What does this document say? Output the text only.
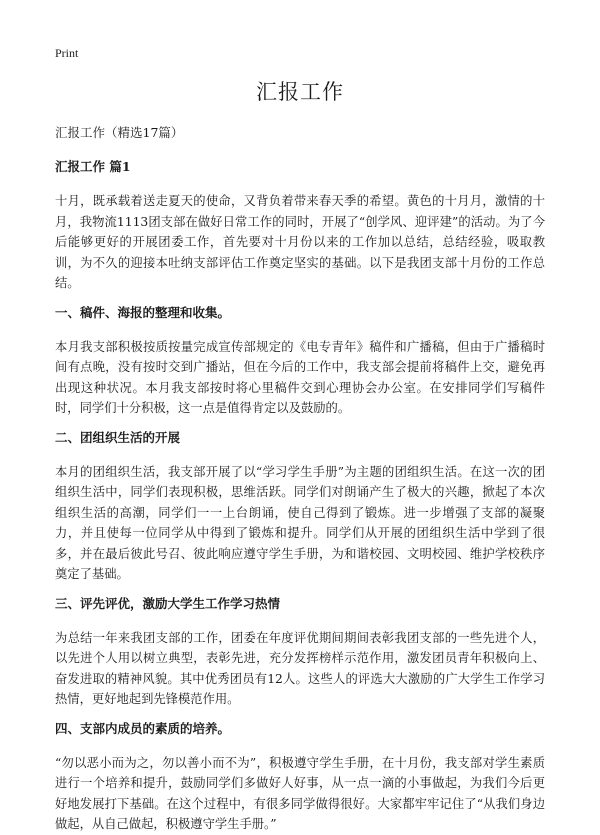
Print
汇报工作

汇报工作（精选17篇）

汇报工作 篇1

十月，既承载着送走夏天的使命，又背负着带来春天季的希望。黄色的十月月，激情的十月，我物流1113团支部在做好日常工作的同时，开展了“创学风、迎评建”的活动。为了今后能够更好的开展团委工作，首先要对十月份以来的工作加以总结，总结经验，吸取教训，为不久的迎接本吐纳支部评估工作奠定坚实的基础。以下是我团支部十月份的工作总结。

一、稿件、海报的整理和收集。

本月我支部积极按质按量完成宣传部规定的《电专青年》稿件和广播稿，但由于广播稿时间有点晚，没有按时交到广播站，但在今后的工作中，我支部会提前将稿件上交，避免再出现这种状况。本月我支部按时将心里稿件交到心理协会办公室。在安排同学们写稿件时，同学们十分积极，这一点是值得肯定以及鼓励的。

二、团组织生活的开展

本月的团组织生活，我支部开展了以“学习学生手册”为主题的团组织生活。在这一次的团组织生活中，同学们表现积极，思维活跃。同学们对朗诵产生了极大的兴趣，掀起了本次组织生活的高潮，同学们一一上台朗诵，使自己得到了锻炼。进一步增强了支部的凝聚力，并且使每一位同学从中得到了锻炼和提升。同学们从开展的团组织生活中学到了很多，并在最后彼此号召、彼此响应遵守学生手册，为和谐校园、文明校园、维护学校秩序奠定了基础。

三、评先评优，激励大学生工作学习热情

为总结一年来我团支部的工作，团委在年度评优期间期间表彰我团支部的一些先进个人，以先进个人用以树立典型，表彰先进，充分发挥榜样示范作用，激发团员青年积极向上、奋发进取的精神风貌。其中优秀团员有12人。这些人的评选大大激励的广大学生工作学习热情，更好地起到先锋模范作用。

四、支部内成员的素质的培养。

“勿以恶小而为之，勿以善小而不为”，积极遵守学生手册，在十月份，我支部对学生素质进行一个培养和提升，鼓励同学们多做好人好事，从一点一滴的小事做起，为我们今后更好地发展打下基础。在这个过程中，有很多同学做得很好。大家都牢牢记住了“从我们身边做起，从自己做起，积极遵守学生手册。”
